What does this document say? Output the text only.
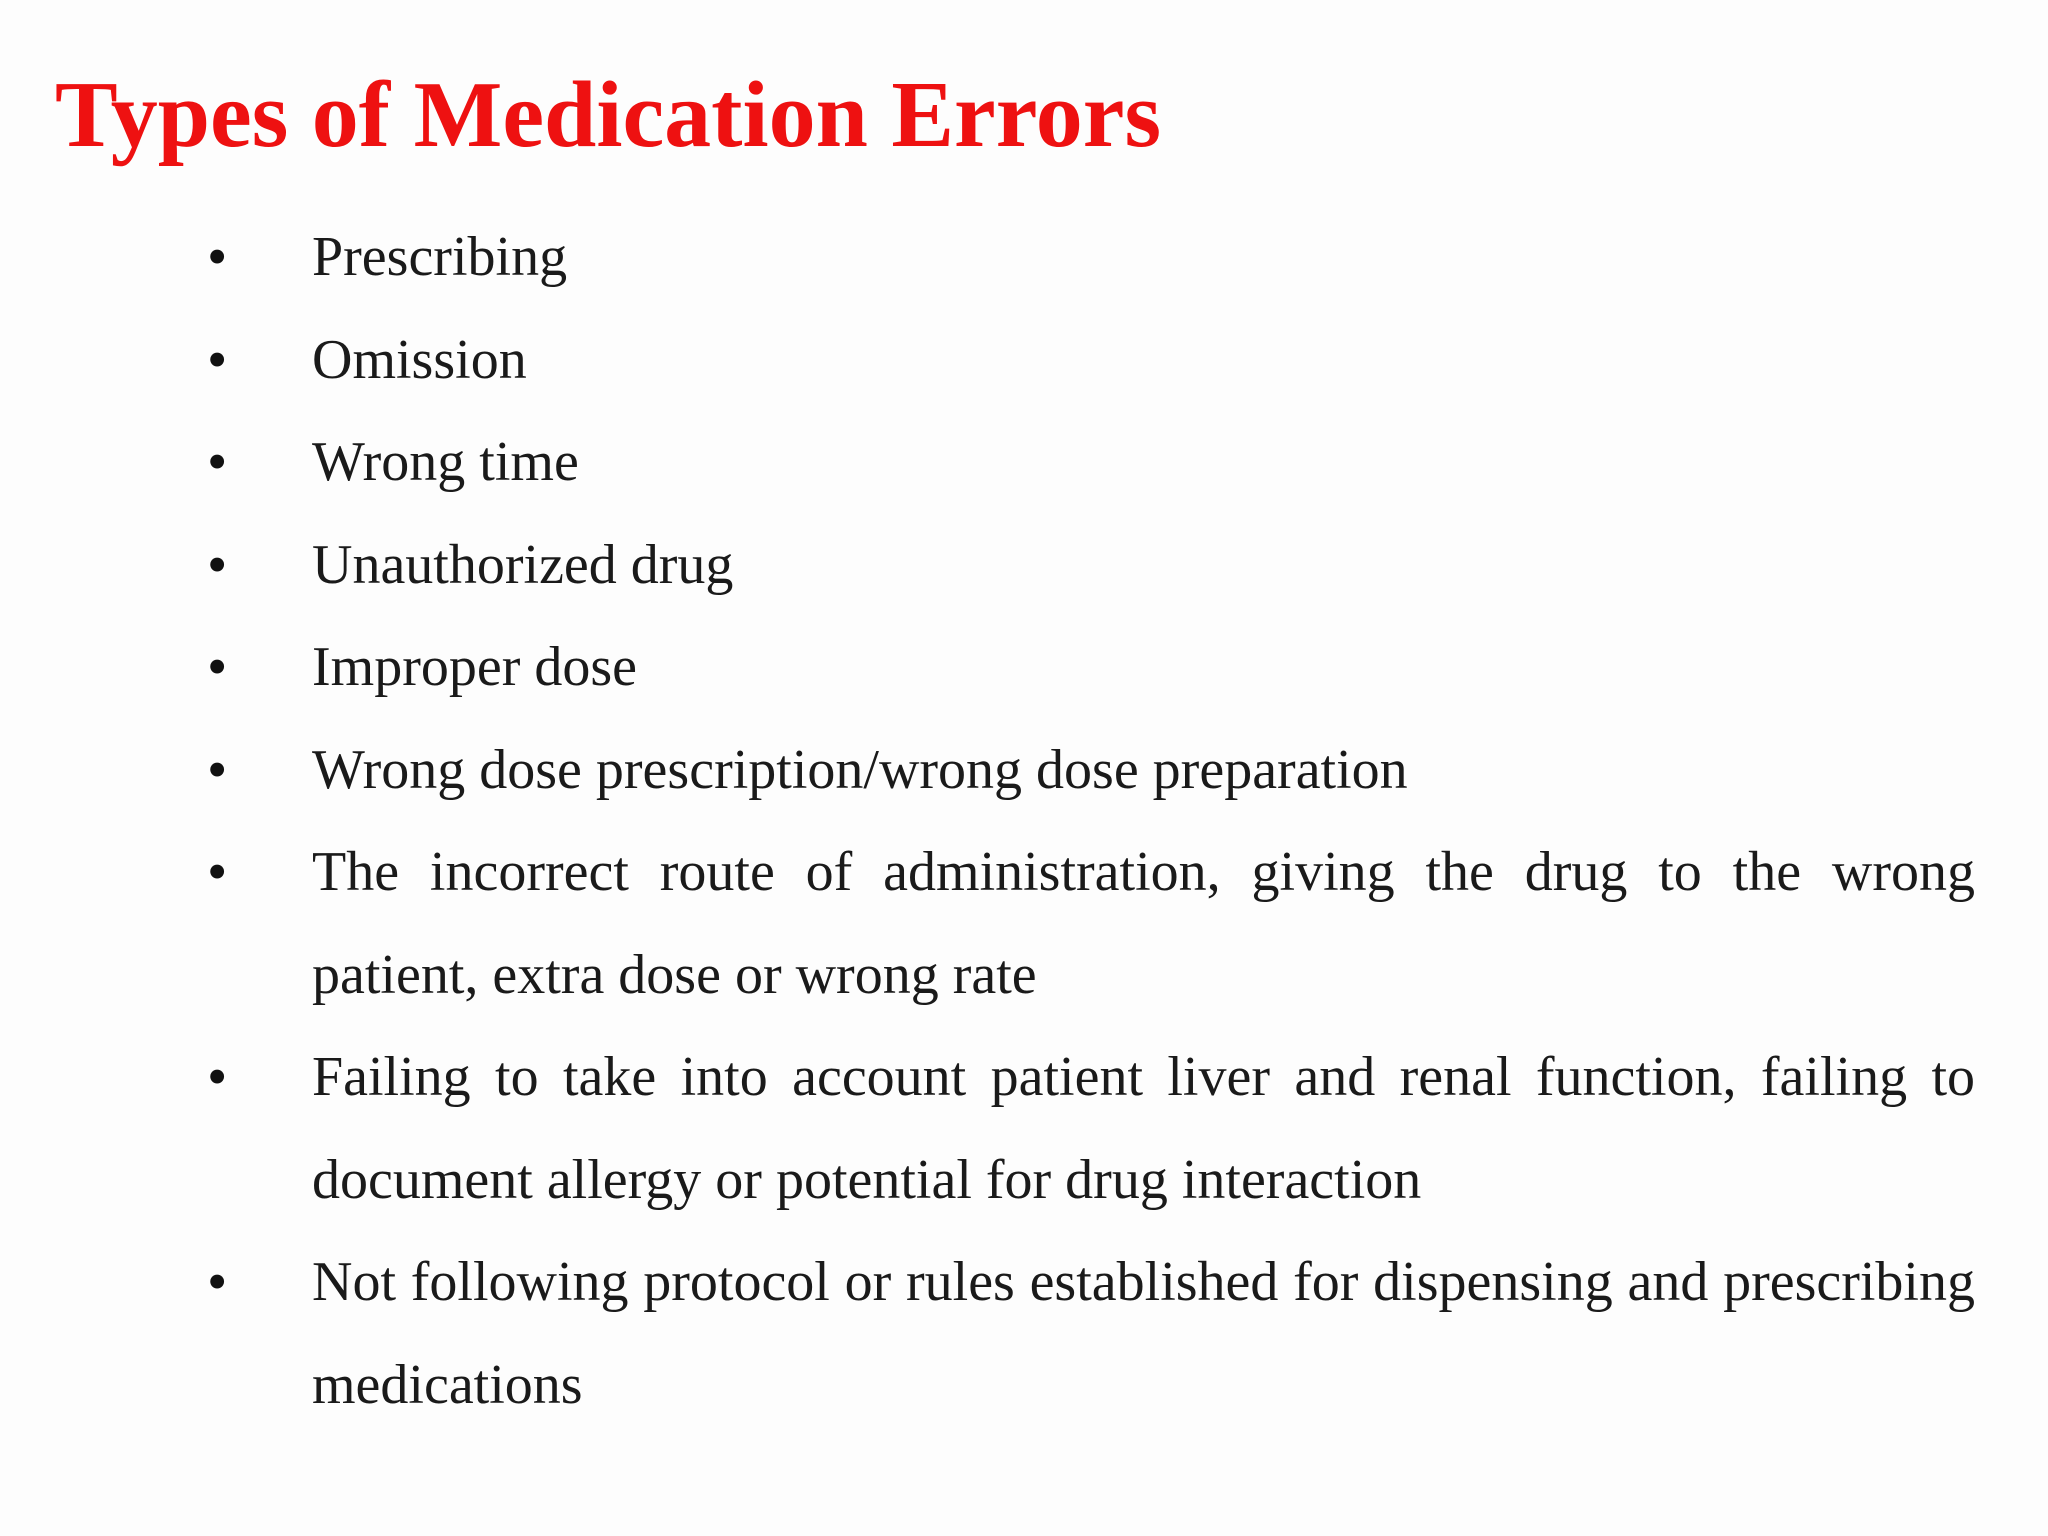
Types of Medication Errors
•	Prescribing
•	Omission
•	Wrong time
•	Unauthorized drug
•	Improper dose
•	Wrong dose prescription/wrong dose preparation
•	The incorrect route of administration, giving the drug to the wrong patient, extra dose or wrong rate
•	Failing to take into account patient liver and renal function, failing to document allergy or potential for drug interaction
•	Not following protocol or rules established for dispensing and prescribing medications
